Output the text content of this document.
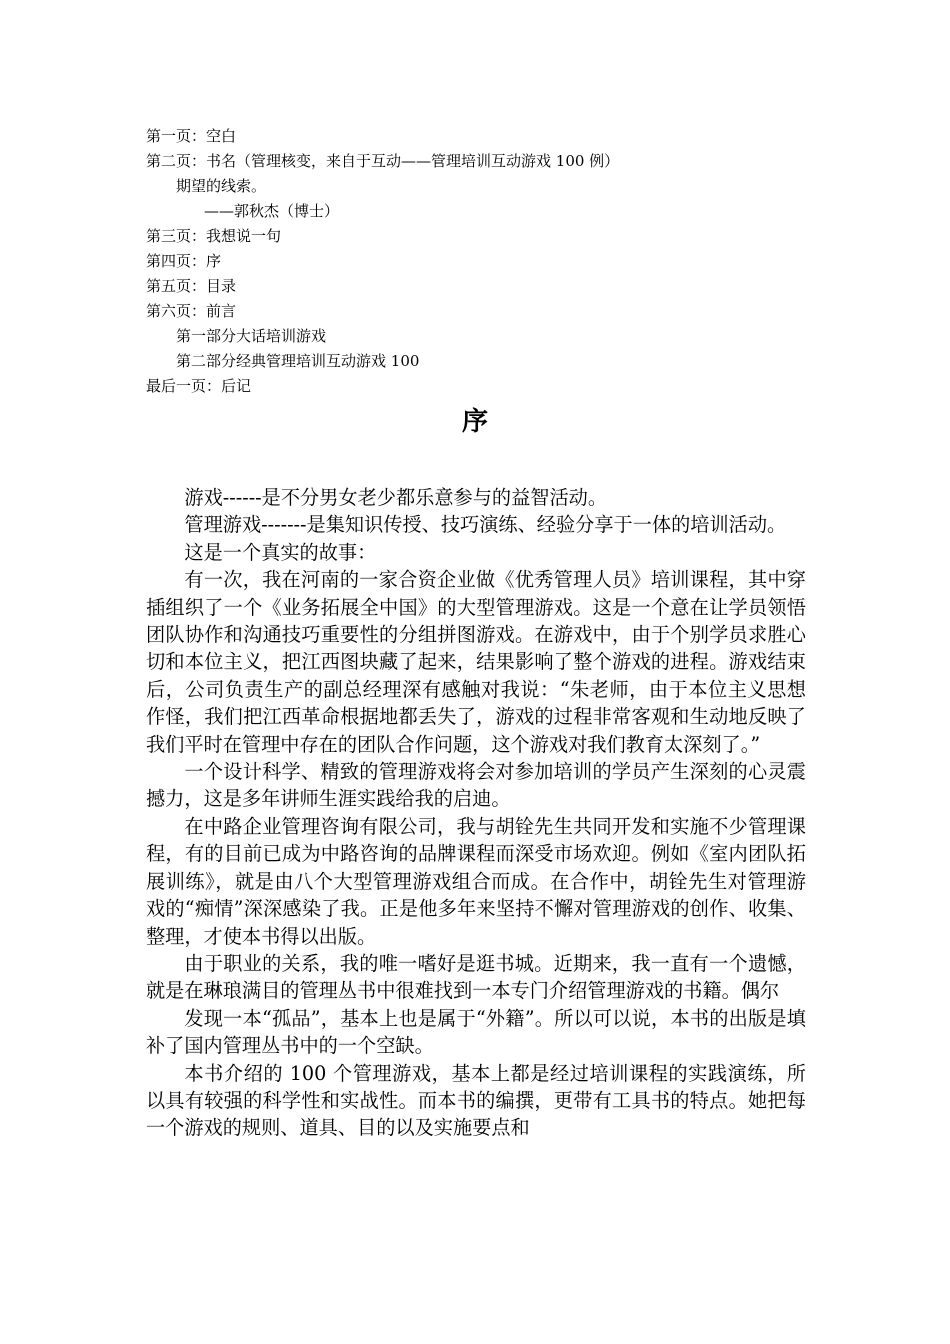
第一页：空白
第二页：书名（管理核变，来自于互动——管理培训互动游戏 100 例）
期望的线索。
——郭秋杰（博士）
第三页：我想说一句
第四页：序
第五页：目录
第六页：前言
第一部分大话培训游戏
第二部分经典管理培训互动游戏 100
最后一页：后记
序

游戏------是不分男女老少都乐意参与的益智活动。

管理游戏-------是集知识传授、技巧演练、经验分享于一体的培训活动。

这是一个真实的故事：

有一次，我在河南的一家合资企业做《优秀管理人员》培训课程，其中穿插组织了一个《业务拓展全中国》的大型管理游戏。这是一个意在让学员领悟团队协作和沟通技巧重要性的分组拼图游戏。在游戏中，由于个别学员求胜心切和本位主义，把江西图块藏了起来，结果影响了整个游戏的进程。游戏结束后，公司负责生产的副总经理深有感触对我说：“朱老师，由于本位主义思想作怪，我们把江西革命根据地都丢失了，游戏的过程非常客观和生动地反映了我们平时在管理中存在的团队合作问题，这个游戏对我们教育太深刻了。”

一个设计科学、精致的管理游戏将会对参加培训的学员产生深刻的心灵震撼力，这是多年讲师生涯实践给我的启迪。

在中路企业管理咨询有限公司，我与胡铨先生共同开发和实施不少管理课程，有的目前已成为中路咨询的品牌课程而深受市场欢迎。例如《室内团队拓展训练》，就是由八个大型管理游戏组合而成。在合作中，胡铨先生对管理游戏的“痴情”深深感染了我。正是他多年来坚持不懈对管理游戏的创作、收集、整理，才使本书得以出版。

由于职业的关系，我的唯一嗜好是逛书城。近期来，我一直有一个遗憾，就是在琳琅满目的管理丛书中很难找到一本专门介绍管理游戏的书籍。偶尔

发现一本“孤品”，基本上也是属于“外籍”。所以可以说，本书的出版是填补了国内管理丛书中的一个空缺。

本书介绍的 100 个管理游戏，基本上都是经过培训课程的实践演练，所以具有较强的科学性和实战性。而本书的编撰，更带有工具书的特点。她把每一个游戏的规则、道具、目的以及实施要点和
